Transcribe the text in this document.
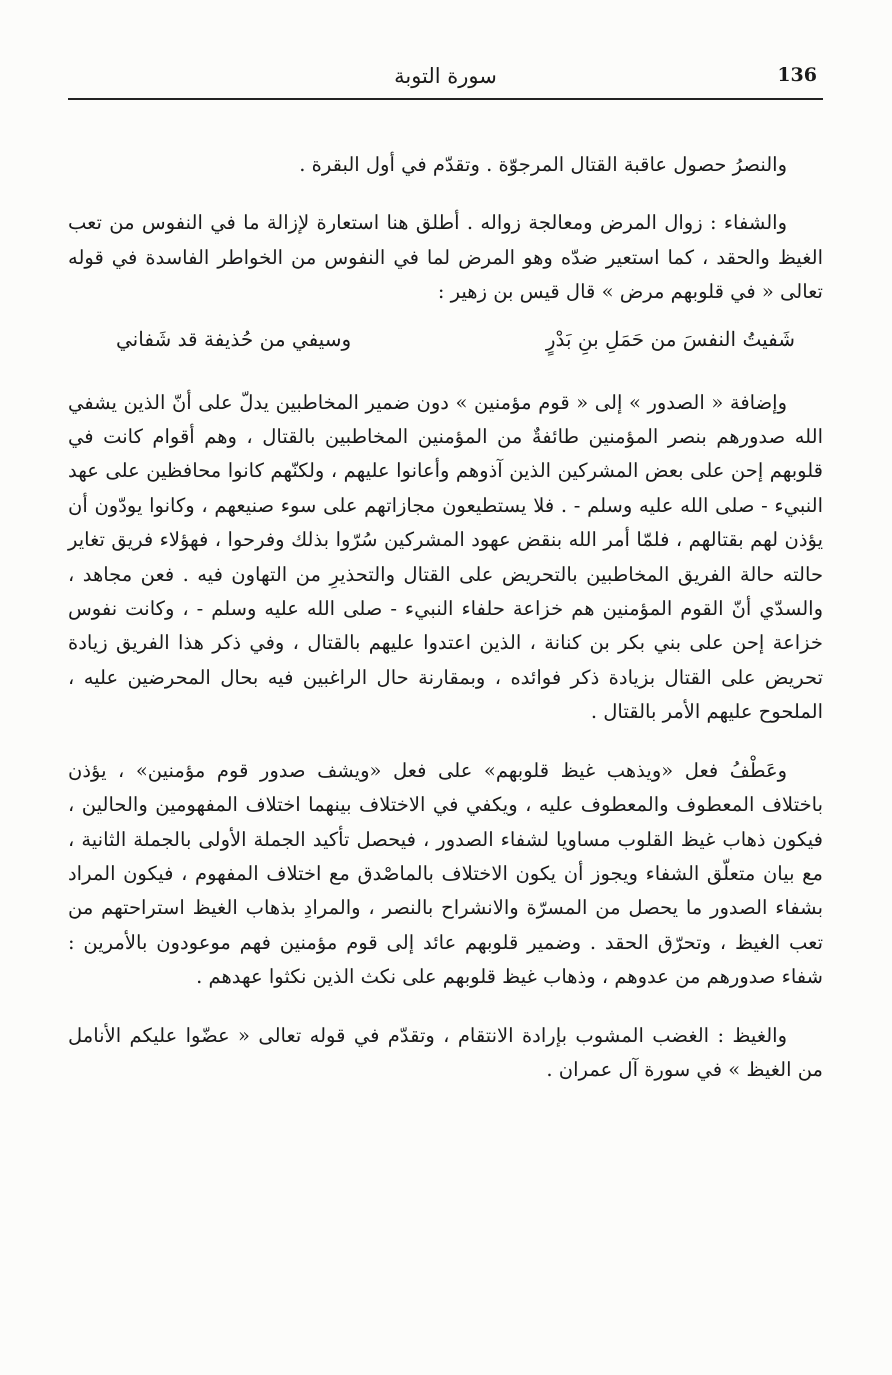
136
سورة التوبة

والنصرُ حصول عاقبة القتال المرجوّة . وتقدّم في أول البقرة .

والشفاء : زوال المرض ومعالجة زواله . أطلق هنا استعارة لإزالة ما في النفوس من تعب الغيظ والحقد ، كما استعير ضدّه وهو المرض لما في النفوس من الخواطر الفاسدة في قوله تعالى « في قلوبهم مرض » قال قيس بن زهير :

شَفيتُ النفسَ من حَمَلِ بنِ بَدْرٍ
وسيفي من حُذيفة قد شَفاني

وإضافة « الصدور » إلى « قوم مؤمنين » دون ضمير المخاطبين يدلّ على أنّ الذين يشفي الله صدورهم بنصر المؤمنين طائفةٌ من المؤمنين المخاطبين بالقتال ، وهم أقوام كانت في قلوبهم إحن على بعض المشركين الذين آذوهم وأعانوا عليهم ، ولكنّهم كانوا محافظين على عهد النبيء - صلى الله عليه وسلم - . فلا يستطيعون مجازاتهم على سوء صنيعهم ، وكانوا يودّون أن يؤذن لهم بقتالهم ، فلمّا أمر الله بنقض عهود المشركين سُرّوا بذلك وفرحوا ، فهؤلاء فريق تغاير حالته حالة الفريق المخاطبين بالتحريض على القتال والتحذيرِ من التهاون فيه . فعن مجاهد ، والسدّي أنّ القوم المؤمنين هم خزاعة حلفاء النبيء - صلى الله عليه وسلم - ، وكانت نفوس خزاعة إحن على بني بكر بن كنانة ، الذين اعتدوا عليهم بالقتال ، وفي ذكر هذا الفريق زيادة تحريض على القتال بزيادة ذكر فوائده ، وبمقارنة حال الراغبين فيه بحال المحرضين عليه ، الملحوح عليهم الأمر بالقتال .

وعَطْفُ فعل «ويذهب غيظ قلوبهم» على فعل «ويشف صدور قوم مؤمنين» ، يؤذن باختلاف المعطوف والمعطوف عليه ، ويكفي في الاختلاف بينهما اختلاف المفهومين والحالين ، فيكون ذهاب غيظ القلوب مساويا لشفاء الصدور ، فيحصل تأكيد الجملة الأولى بالجملة الثانية ، مع بيان متعلّق الشفاء ويجوز أن يكون الاختلاف بالماصْدق مع اختلاف المفهوم ، فيكون المراد بشفاء الصدور ما يحصل من المسرّة والانشراح بالنصر ، والمرادِ بذهاب الغيظ استراحتهم من تعب الغيظ ، وتحرّق الحقد . وضمير قلوبهم عائد إلى قوم مؤمنين فهم موعودون بالأمرين : شفاء صدورهم من عدوهم ، وذهاب غيظ قلوبهم على نكث الذين نكثوا عهدهم .

والغيظ : الغضب المشوب بإرادة الانتقام ، وتقدّم في قوله تعالى « عضّوا عليكم الأنامل من الغيظ » في سورة آل عمران .
